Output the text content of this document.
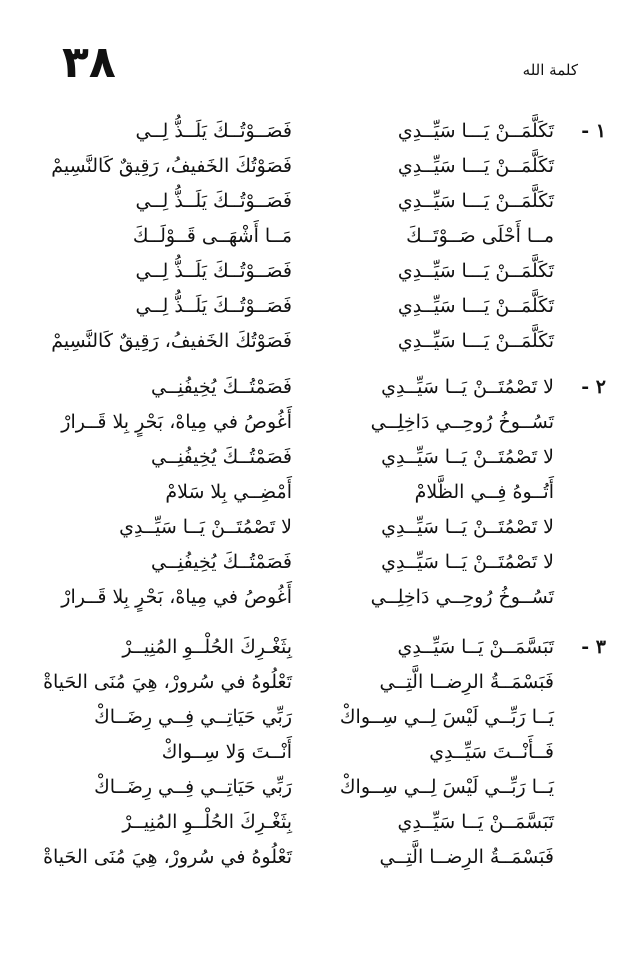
٣٨	كلمة الله
١ -
تَكَلَّمَــنْ يَـــا سَيِّــدِي
فَصَــوْتُــكَ يَلَــذُّ لِــي
تَكَلَّمَــنْ يَـــا سَيِّــدِي
فَصَوْتُكَ الخَفيفُ، رَقِيقٌ كَالنَّسِيمْ
تَكَلَّمَــنْ يَـــا سَيِّــدِي
فَصَــوْتُــكَ يَلَــذُّ لِــي
مــا أَحْلَى صَــوْتَــكَ
مَــا أَشْهَــى قَــوْلَــكَ
تَكَلَّمَــنْ يَـــا سَيِّــدِي
فَصَــوْتُــكَ يَلَــذُّ لِــي
تَكَلَّمَــنْ يَـــا سَيِّــدِي
فَصَــوْتُــكَ يَلَــذُّ لِــي
تَكَلَّمَــنْ يَـــا سَيِّــدِي
فَصَوْتُكَ الخَفيفُ، رَقِيقٌ كَالنَّسِيمْ
٢ -
لا تَصْمُتَــنْ يَــا سَيِّــدِي
فَصَمْتُــكَ يُخِيفُنِــي
تَسُــوخُ رُوحِــي دَاخِلِــي
أَغُوصُ في مِياهْ، بَحْرٍ بِلا قَــرارْ
لا تَصْمُتَــنْ يَــا سَيِّــدِي
فَصَمْتُــكَ يُخِيفُنِــي
أَتُــوهُ فِــي الظَّلامْ
أَمْضِــي بِلا سَلامْ
لا تَصْمُتَــنْ يَــا سَيِّــدِي
لا تَصْمُتَــنْ يَــا سَيِّــدِي
لا تَصْمُتَــنْ يَــا سَيِّــدِي
فَصَمْتُــكَ يُخِيفُنِــي
تَسُــوخُ رُوحِــي دَاخِلِــي
أَغُوصُ في مِياهْ، بَحْرٍ بِلا قَــرارْ
٣ -
تَبَسَّمَــنْ يَــا سَيِّــدِي
بِثَغْـرِكَ الحُلْــوِ المُنِيــرْ
فَبَسْمَــةُ الرِضــا الَّتِــي
تَعْلُوهُ في سُرورْ، هِيَ مُنَى الحَياةْ
يَــا رَبِّــي لَيْسَ لِــي سِــواكْ
رَبِّي حَيَاتِــي فِــي رِضَــاكْ
فَــأَنْــتَ سَيِّــدِي
أَنْــتَ وَلا سِــواكْ
يَــا رَبِّــي لَيْسَ لِــي سِــواكْ
رَبِّي حَيَاتِــي فِــي رِضَــاكْ
تَبَسَّمَــنْ يَــا سَيِّــدِي
بِثَغْـرِكَ الحُلْــوِ المُنِيــرْ
فَبَسْمَــةُ الرِضــا الَّتِــي
تَعْلُوهُ في سُرورْ، هِيَ مُنَى الحَياةْ
